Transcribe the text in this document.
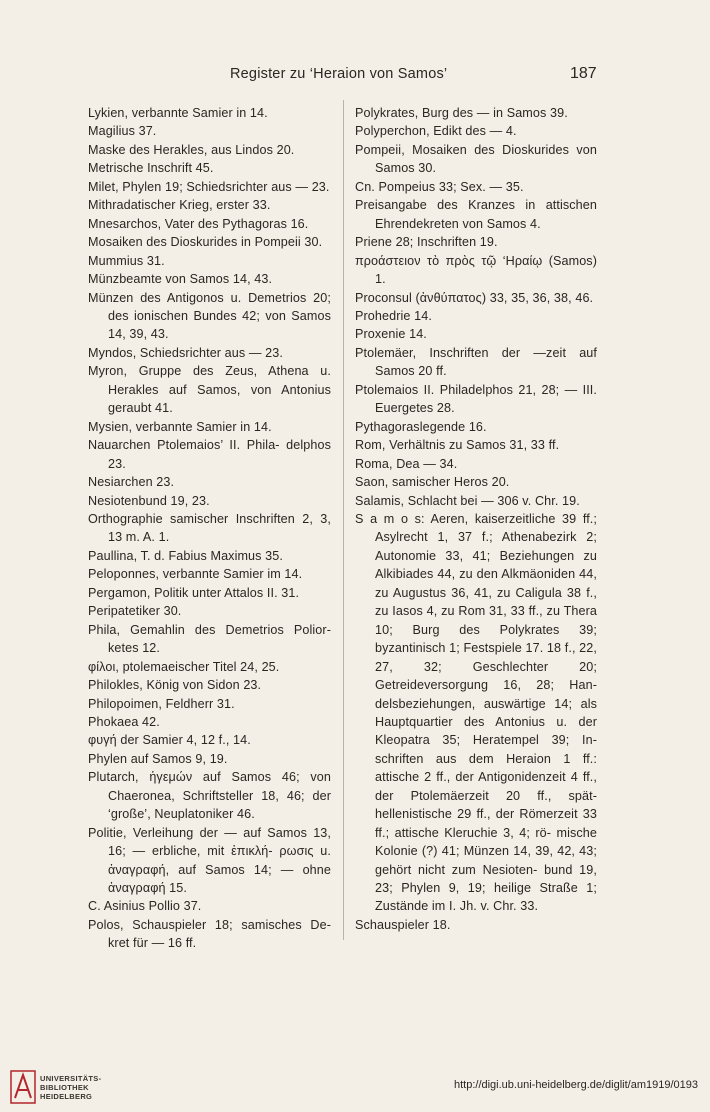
Register zu ‘Heraion von Samos’	187
Lykien, verbannte Samier in 14.
Magilius 37.
Maske des Herakles, aus Lindos 20.
Metrische Inschrift 45.
Milet, Phylen 19; Schiedsrichter aus — 23.
Mithradatischer Krieg, erster 33.
Mnesarchos, Vater des Pythagoras 16.
Mosaiken des Dioskurides in Pompeii 30.
Mummius 31.
Münzbeamte von Samos 14, 43.
Münzen des Antigonos u. Demetrios 20; des ionischen Bundes 42; von Samos 14, 39, 43.
Myndos, Schiedsrichter aus — 23.
Myron, Gruppe des Zeus, Athena u. Herakles auf Samos, von Antonius geraubt 41.
Mysien, verbannte Samier in 14.
Nauarchen Ptolemaios’ II. Phila- delphos 23.
Nesiarchen 23.
Nesiotenbund 19, 23.
Orthographie samischer Inschriften 2, 3, 13 m. A. 1.
Paullina, T. d. Fabius Maximus 35.
Peloponnes, verbannte Samier im 14.
Pergamon, Politik unter Attalos II. 31.
Peripatetiker 30.
Phila, Gemahlin des Demetrios Polior- ketes 12.
φίλοι, ptolemaeischer Titel 24, 25.
Philokles, König von Sidon 23.
Philopoimen, Feldherr 31.
Phokaea 42.
φυγή der Samier 4, 12 f., 14.
Phylen auf Samos 9, 19.
Plutarch, ἡγεμών auf Samos 46; von Chaeronea, Schriftsteller 18, 46; der ‘große’, Neuplatoniker 46.
Politie, Verleihung der — auf Samos 13, 16; — erbliche, mit ἐπικλή- ρωσις u. ἀναγραφή, auf Samos 14; — ohne ἀναγραφή 15.
C. Asinius Pollio 37.
Polos, Schauspieler 18; samisches De- kret für — 16 ff.
Polykrates, Burg des — in Samos 39.
Polyperchon, Edikt des — 4.
Pompeii, Mosaiken des Dioskurides von Samos 30.
Cn. Pompeius 33; Sex. — 35.
Preisangabe des Kranzes in attischen Ehrendekreten von Samos 4.
Priene 28; Inschriften 19.
προάστειον τὸ πρὸς τῷ ‘Ηραίῳ (Samos) 1.
Proconsul (ἀνθύπατος) 33, 35, 36, 38, 46.
Prohedrie 14.
Proxenie 14.
Ptolemäer, Inschriften der —zeit auf Samos 20 ff.
Ptolemaios II. Philadelphos 21, 28; — III. Euergetes 28.
Pythagoraslegende 16.
Rom, Verhältnis zu Samos 31, 33 ff.
Roma, Dea — 34.
Saon, samischer Heros 20.
Salamis, Schlacht bei — 306 v. Chr. 19.
S a m o s: Aeren, kaiserzeitliche 39 ff.; Asylrecht 1, 37 f.; Athenabezirk 2; Autonomie 33, 41; Beziehungen zu Alkibiades 44, zu den Alkmäoniden 44, zu Augustus 36, 41, zu Caligula 38 f., zu Iasos 4, zu Rom 31, 33 ff., zu Thera 10; Burg des Polykrates 39; byzantinisch 1; Festspiele 17. 18 f., 22, 27, 32; Geschlechter 20; Getreideversorgung 16, 28; Han- delsbeziehungen, auswärtige 14; als Hauptquartier des Antonius u. der Kleopatra 35; Heratempel 39; In- schriften aus dem Heraion 1 ff.: attische 2 ff., der Antigonidenzeit 4 ff., der Ptolemäerzeit 20 ff., spät- hellenistische 29 ff., der Römerzeit 33 ff.; attische Kleruchie 3, 4; rö- mische Kolonie (?) 41; Münzen 14, 39, 42, 43; gehört nicht zum Nesioten- bund 19, 23; Phylen 9, 19; heilige Straße 1; Zustände im I. Jh. v. Chr. 33.
Schauspieler 18.
UNIVERSITÄTS-
BIBLIOTHEK
HEIDELBERG
http://digi.ub.uni-heidelberg.de/diglit/am1919/0193
